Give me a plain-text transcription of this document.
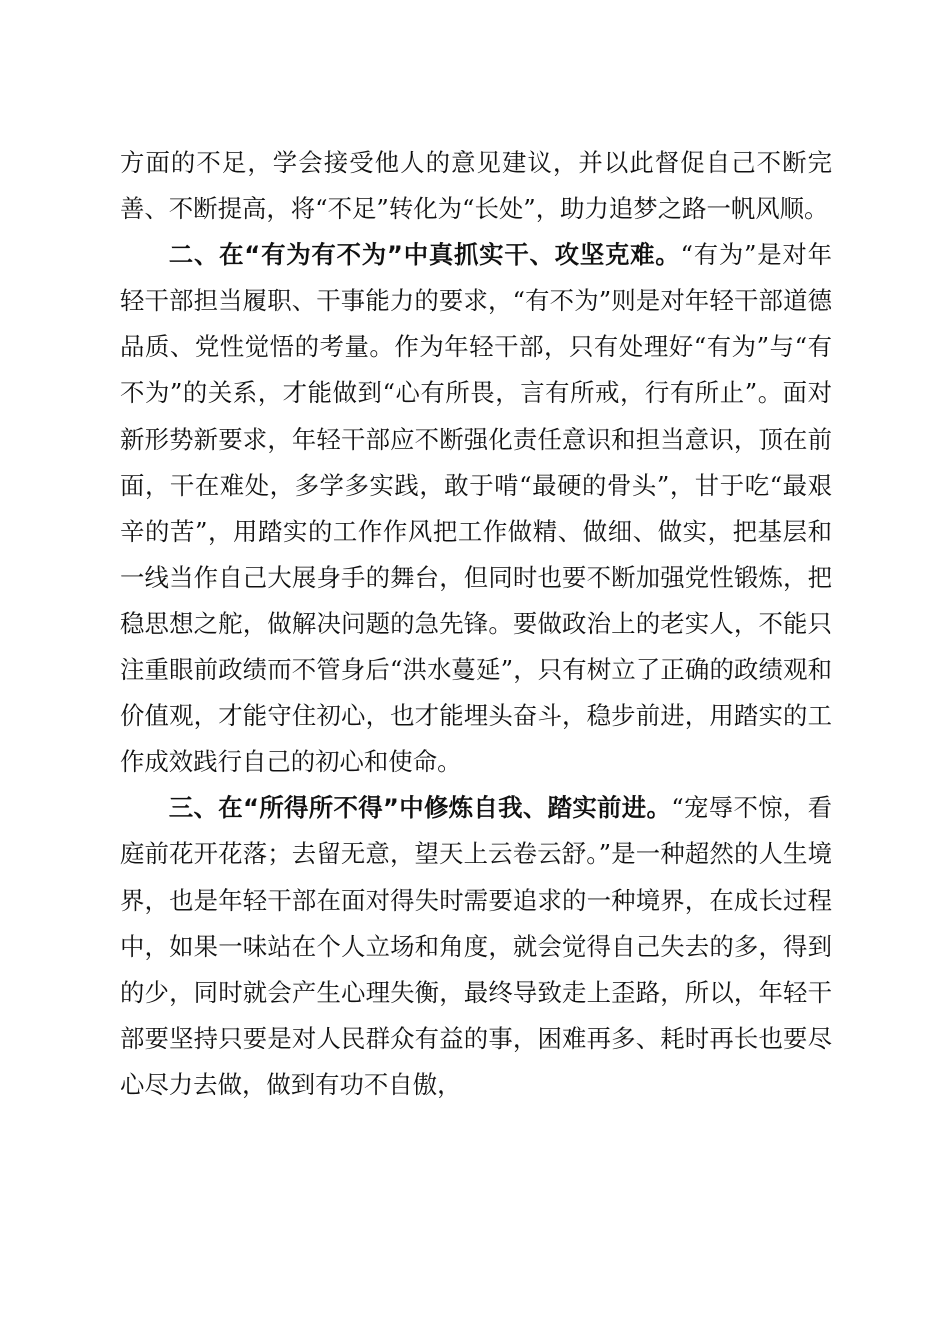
方面的不足，学会接受他人的意见建议，并以此督促自己不断完善、不断提高，将“不足”转化为“长处”，助力追梦之路一帆风顺。

二、在“有为有不为”中真抓实干、攻坚克难。“有为”是对年轻干部担当履职、干事能力的要求，“有不为”则是对年轻干部道德品质、党性觉悟的考量。作为年轻干部，只有处理好“有为”与“有不为”的关系，才能做到“心有所畏，言有所戒，行有所止”。面对新形势新要求，年轻干部应不断强化责任意识和担当意识，顶在前面，干在难处，多学多实践，敢于啃“最硬的骨头”，甘于吃“最艰辛的苦”，用踏实的工作作风把工作做精、做细、做实，把基层和一线当作自己大展身手的舞台，但同时也要不断加强党性锻炼，把稳思想之舵，做解决问题的急先锋。要做政治上的老实人，不能只注重眼前政绩而不管身后“洪水蔓延”，只有树立了正确的政绩观和价值观，才能守住初心，也才能埋头奋斗，稳步前进，用踏实的工作成效践行自己的初心和使命。

三、在“所得所不得”中修炼自我、踏实前进。“宠辱不惊，看庭前花开花落；去留无意，望天上云卷云舒。”是一种超然的人生境界，也是年轻干部在面对得失时需要追求的一种境界，在成长过程中，如果一味站在个人立场和角度，就会觉得自己失去的多，得到的少，同时就会产生心理失衡，最终导致走上歪路，所以，年轻干部要坚持只要是对人民群众有益的事，困难再多、耗时再长也要尽心尽力去做，做到有功不自傲，
